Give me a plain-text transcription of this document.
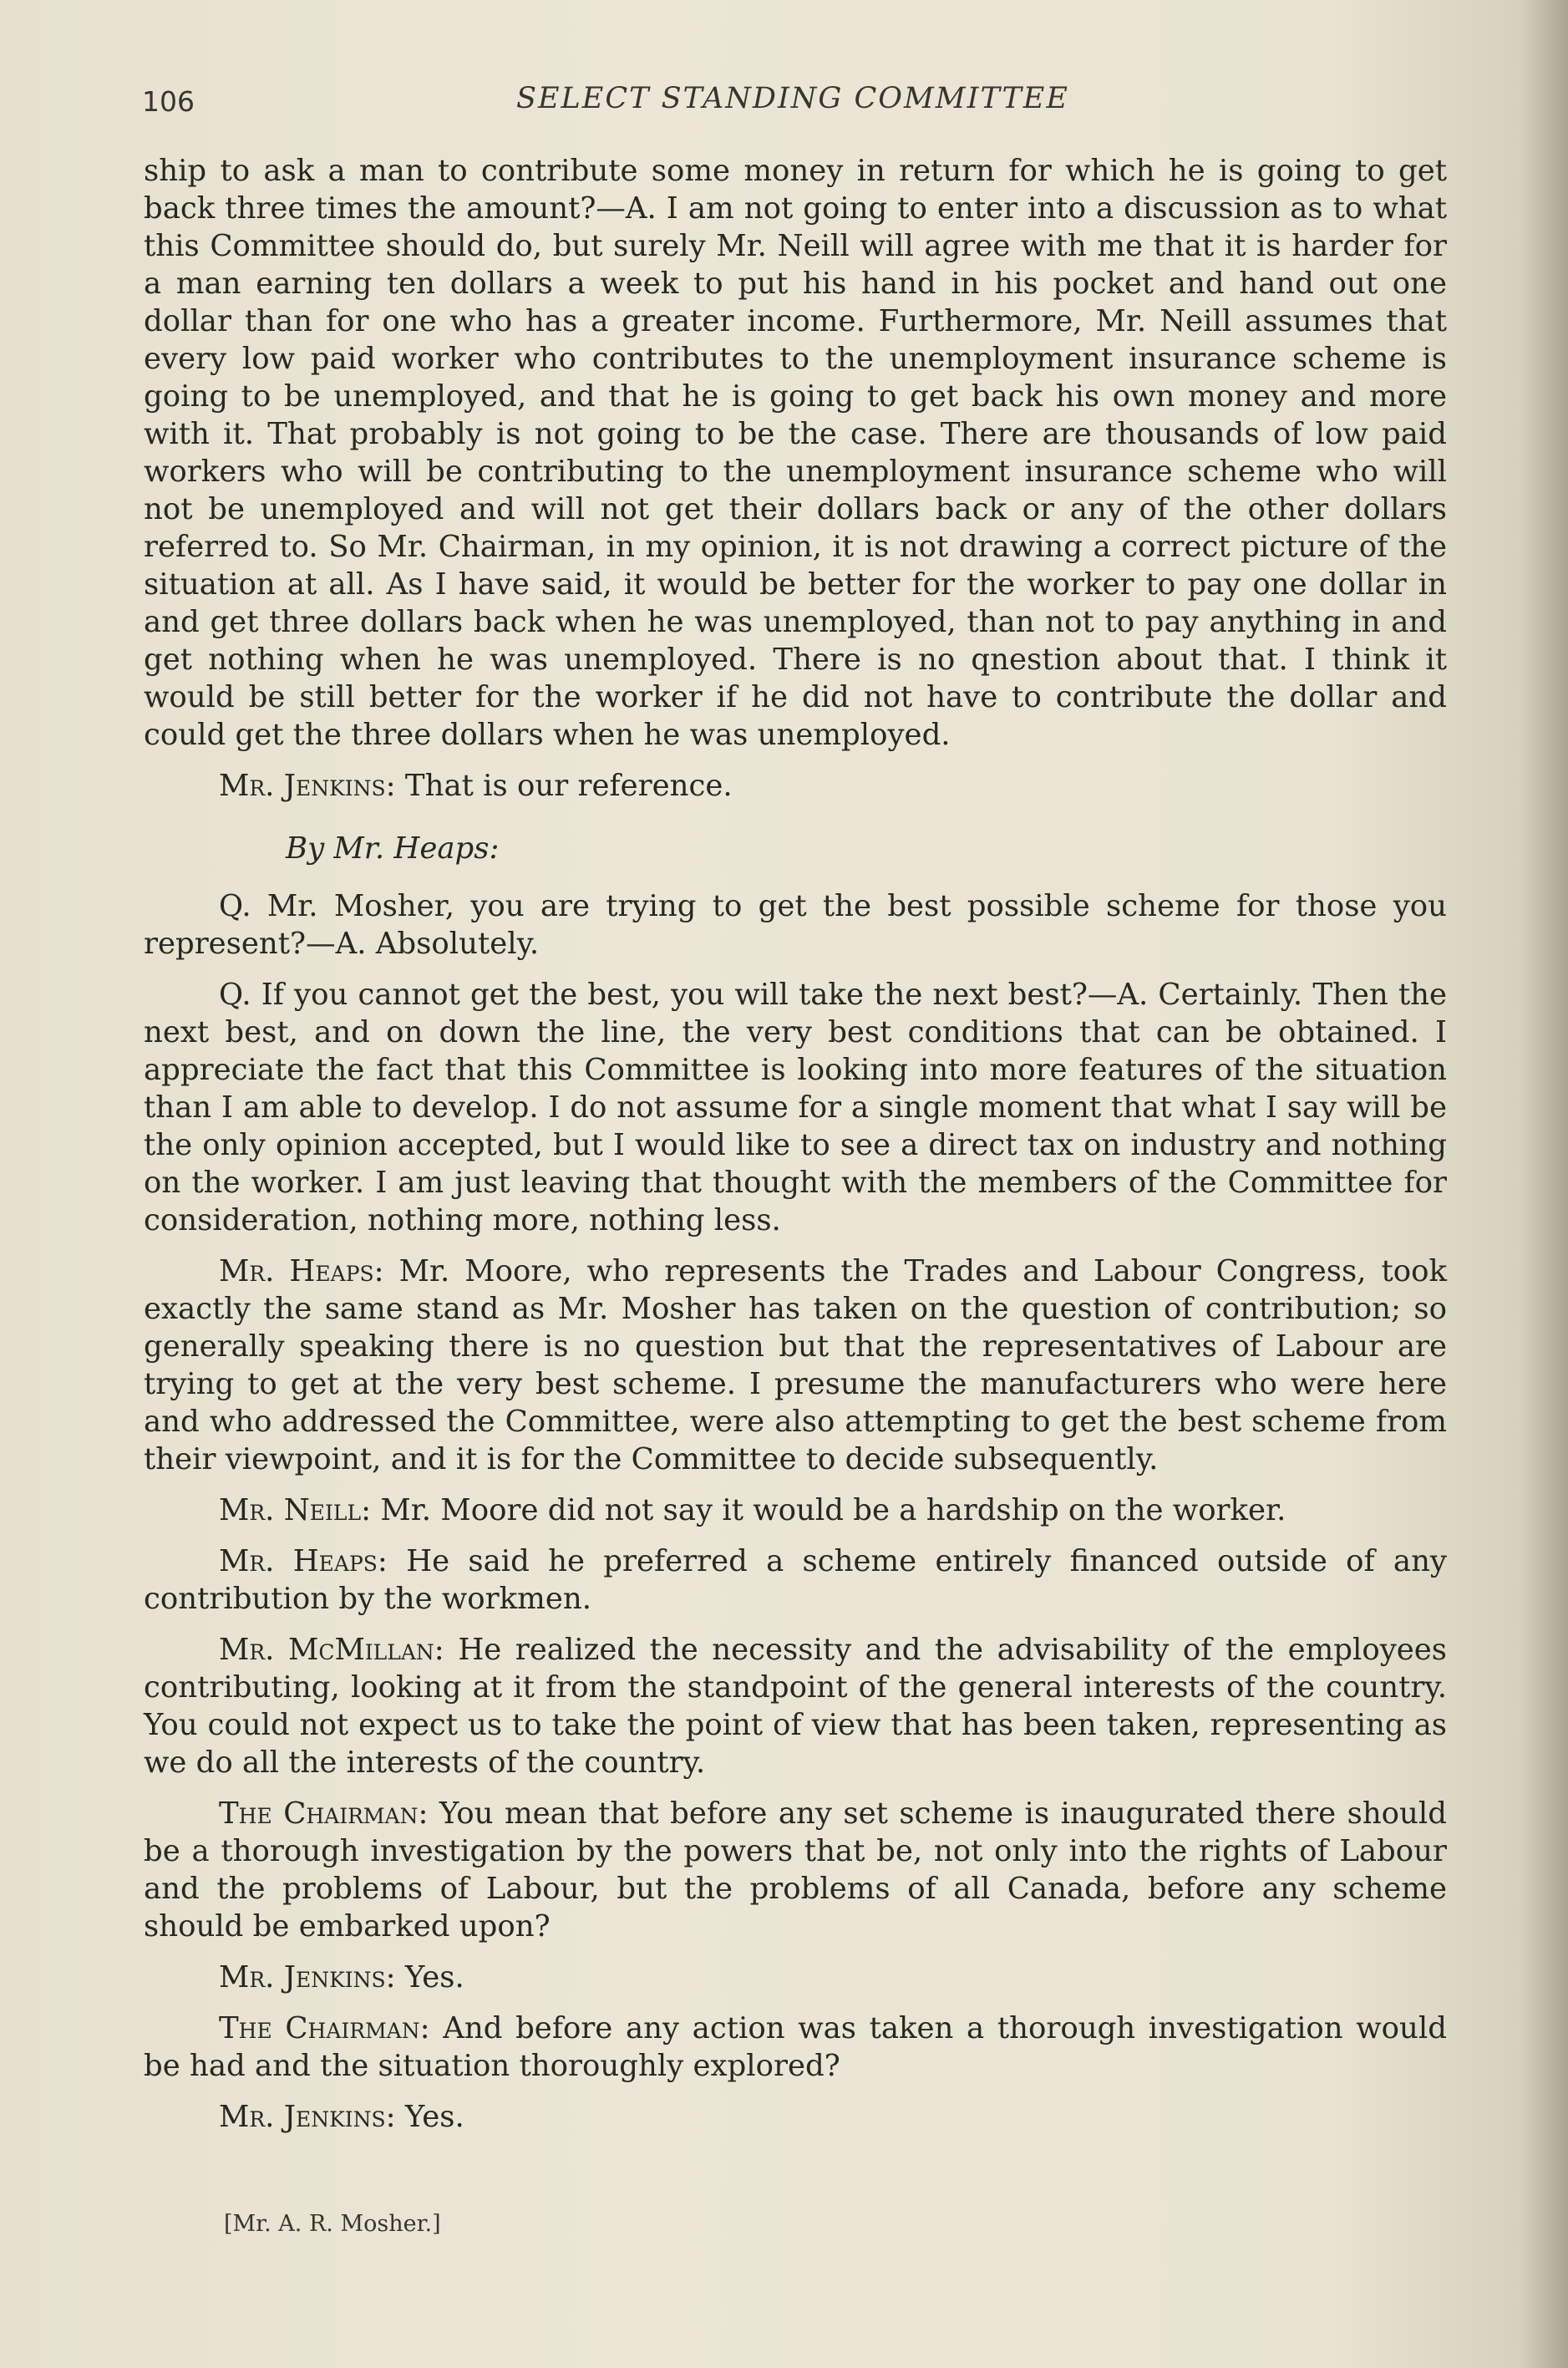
106	SELECT STANDING COMMITTEE

ship to ask a man to contribute some money in return for which he is going to get back three times the amount?—A. I am not going to enter into a discussion as to what this Committee should do, but surely Mr. Neill will agree with me that it is harder for a man earning ten dollars a week to put his hand in his pocket and hand out one dollar than for one who has a greater income. Furthermore, Mr. Neill assumes that every low paid worker who contributes to the unemployment insurance scheme is going to be unemployed, and that he is going to get back his own money and more with it. That probably is not going to be the case. There are thousands of low paid workers who will be contributing to the unemployment insurance scheme who will not be unemployed and will not get their dollars back or any of the other dollars referred to. So Mr. Chairman, in my opinion, it is not drawing a correct picture of the situation at all. As I have said, it would be better for the worker to pay one dollar in and get three dollars back when he was unemployed, than not to pay anything in and get nothing when he was unemployed. There is no qnestion about that. I think it would be still better for the worker if he did not have to contribute the dollar and could get the three dollars when he was unemployed.

Mr. Jenkins: That is our reference.

By Mr. Heaps:

Q. Mr. Mosher, you are trying to get the best possible scheme for those you represent?—A. Absolutely.

Q. If you cannot get the best, you will take the next best?—A. Certainly. Then the next best, and on down the line, the very best conditions that can be obtained. I appreciate the fact that this Committee is looking into more features of the situation than I am able to develop. I do not assume for a single moment that what I say will be the only opinion accepted, but I would like to see a direct tax on industry and nothing on the worker. I am just leaving that thought with the members of the Committee for consideration, nothing more, nothing less.

Mr. Heaps: Mr. Moore, who represents the Trades and Labour Congress, took exactly the same stand as Mr. Mosher has taken on the question of contribution; so generally speaking there is no question but that the representatives of Labour are trying to get at the very best scheme. I presume the manufacturers who were here and who addressed the Committee, were also attempting to get the best scheme from their viewpoint, and it is for the Committee to decide subsequently.

Mr. Neill: Mr. Moore did not say it would be a hardship on the worker.

Mr. Heaps: He said he preferred a scheme entirely financed outside of any contribution by the workmen.

Mr. McMillan: He realized the necessity and the advisability of the employees contributing, looking at it from the standpoint of the general interests of the country. You could not expect us to take the point of view that has been taken, representing as we do all the interests of the country.

The Chairman: You mean that before any set scheme is inaugurated there should be a thorough investigation by the powers that be, not only into the rights of Labour and the problems of Labour, but the problems of all Canada, before any scheme should be embarked upon?

Mr. Jenkins: Yes.

The Chairman: And before any action was taken a thorough investigation would be had and the situation thoroughly explored?

Mr. Jenkins: Yes.

[Mr. A. R. Mosher.]
